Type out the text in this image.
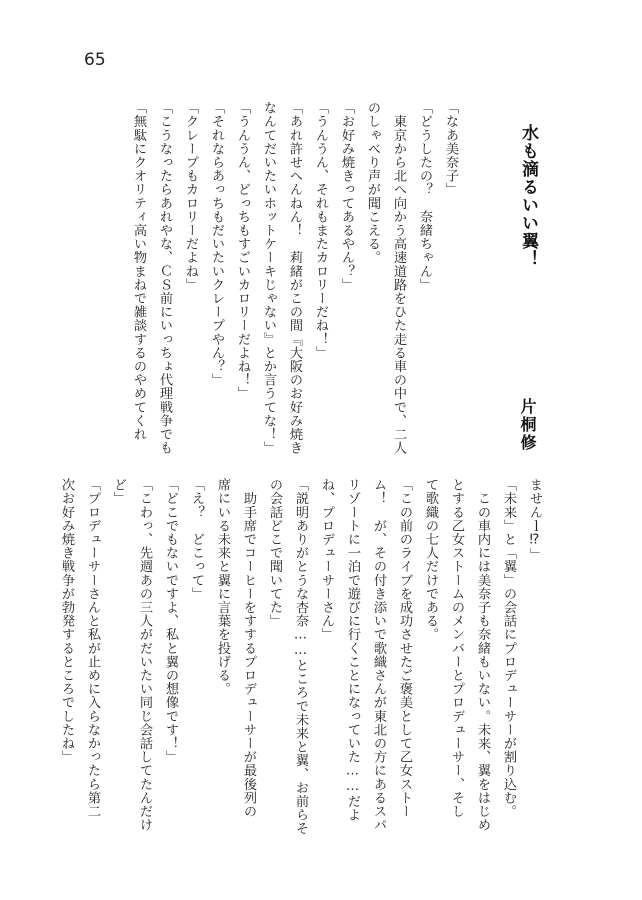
65
水も滴るいい翼！
片桐修
「なあ美奈子」
「どうしたの？　奈緒ちゃん」
　東京から北へ向かう高速道路をひた走る車の中で、二人
のしゃべり声が聞こえる。
「お好み焼きってあるやん？」
「うんうん、それもまたカロリーだね！」
「あれ許せへんねん！　莉緒がこの間『大阪のお好み焼き
なんてだいたいホットケーキじゃない』とか言うてな！」
「うんうん、どっちもすごいカロリーだよね！」
「それならあっちもだいたいクレープやん？」
「クレープもカロリーだよね」
「こうなったらあれやな、ＣＳ前にいっちょ代理戦争でも
「無駄にクオリティ高い物まねで雑談するのやめてくれ
ませんｌ⁉」
「未来」と「翼」の会話にプロデューサーが割り込む。
　この車内には美奈子も奈緒もいない。未来、翼をはじめ
とする乙女ストームのメンバーとプロデューサー、そし
て歌織の七人だけである。
「この前のライブを成功させたご褒美として乙女ストー
ム！　が、その付き添いで歌織さんが東北の方にあるスパ
リゾートに一泊で遊びに行くことになっていた……だよ
ね、プロデューサーさん」
「説明ありがとうな杏奈……ところで未来と翼、お前らそ
の会話どこで聞いてた」
　助手席でコーヒーをすするプロデューサーが最後列の
席にいる未来と翼に言葉を投げる。
「え？　どこって」
「どこでもないですよ、私と翼の想像です！」
「こわっ、先週あの三人がだいたい同じ会話してたんだけ
ど」
「プロデューサーさんと私が止めに入らなかったら第二
次お好み焼き戦争が勃発するところでしたね」
